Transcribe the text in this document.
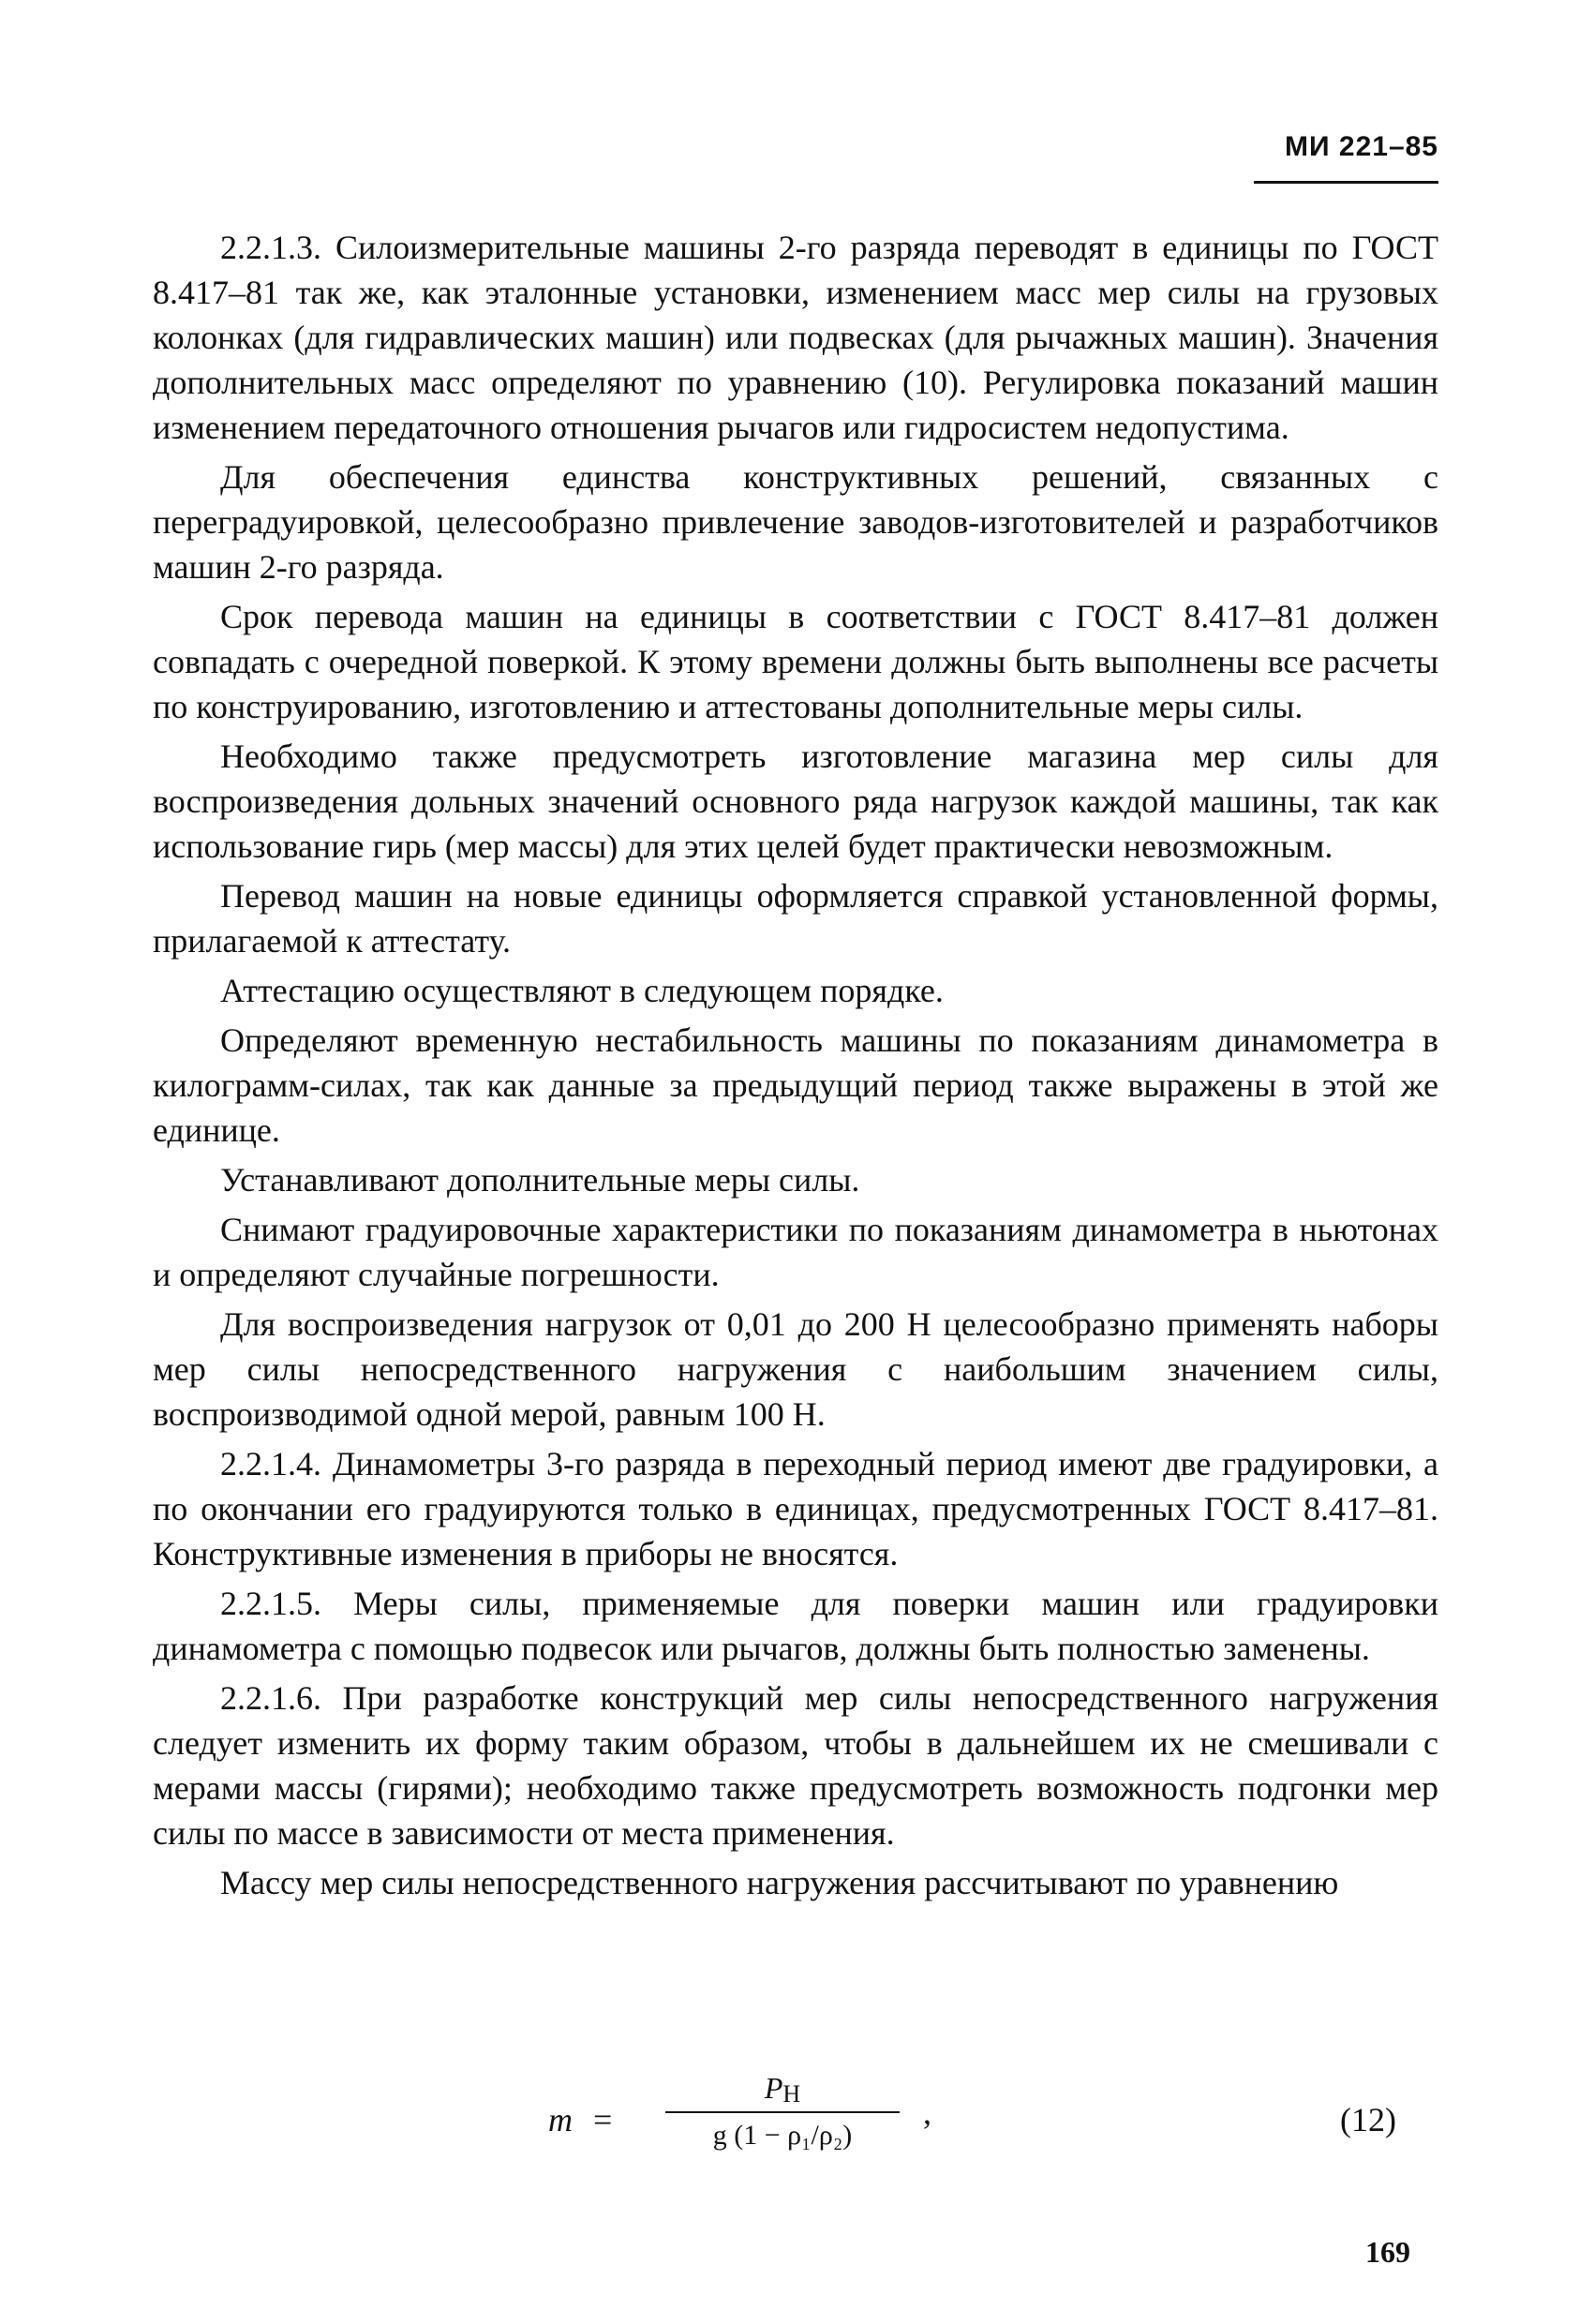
МИ 221–85

2.2.1.3. Силоизмерительные машины 2-го разряда переводят в единицы по ГОСТ 8.417–81 так же, как эталонные установки, изменением масс мер силы на грузовых колонках (для гидравлических машин) или подвесках (для рычажных машин). Значения дополнительных масс определяют по уравнению (10). Регулировка показаний машин изменением передаточного отношения рычагов или гидросистем недопустима.

Для обеспечения единства конструктивных решений, связанных с переградуировкой, целесообразно привлечение заводов-изготовителей и разработчиков машин 2-го разряда.

Срок перевода машин на единицы в соответствии с ГОСТ 8.417–81 должен совпадать с очередной поверкой. К этому времени должны быть выполнены все расчеты по конструированию, изготовлению и аттестованы дополнительные меры силы.

Необходимо также предусмотреть изготовление магазина мер силы для воспроизведения дольных значений основного ряда нагрузок каждой машины, так как использование гирь (мер массы) для этих целей будет практически невозможным.

Перевод машин на новые единицы оформляется справкой установленной формы, прилагаемой к аттестату.

Аттестацию осуществляют в следующем порядке.

Определяют временную нестабильность машины по показаниям динамометра в килограмм-силах, так как данные за предыдущий период также выражены в этой же единице.

Устанавливают дополнительные меры силы.

Снимают градуировочные характеристики по показаниям динамометра в ньютонах и определяют случайные погрешности.

Для воспроизведения нагрузок от 0,01 до 200 Н целесообразно применять наборы мер силы непосредственного нагружения с наибольшим значением силы, воспроизводимой одной мерой, равным 100 Н.

2.2.1.4. Динамометры 3-го разряда в переходный период имеют две градуировки, а по окончании его градуируются только в единицах, предусмотренных ГОСТ 8.417–81. Конструктивные изменения в приборы не вносятся.

2.2.1.5. Меры силы, применяемые для поверки машин или градуировки динамометра с помощью подвесок или рычагов, должны быть полностью заменены.

2.2.1.6. При разработке конструкций мер силы непосредственного нагружения следует изменить их форму таким образом, чтобы в дальнейшем их не смешивали с мерами массы (гирями); необходимо также предусмотреть возможность подгонки мер силы по массе в зависимости от места применения.

Массу мер силы непосредственного нагружения рассчитывают по уравнению

m =
$P_Н$
g (1 − ρ₁/ρ₂)
,	(12)
169
